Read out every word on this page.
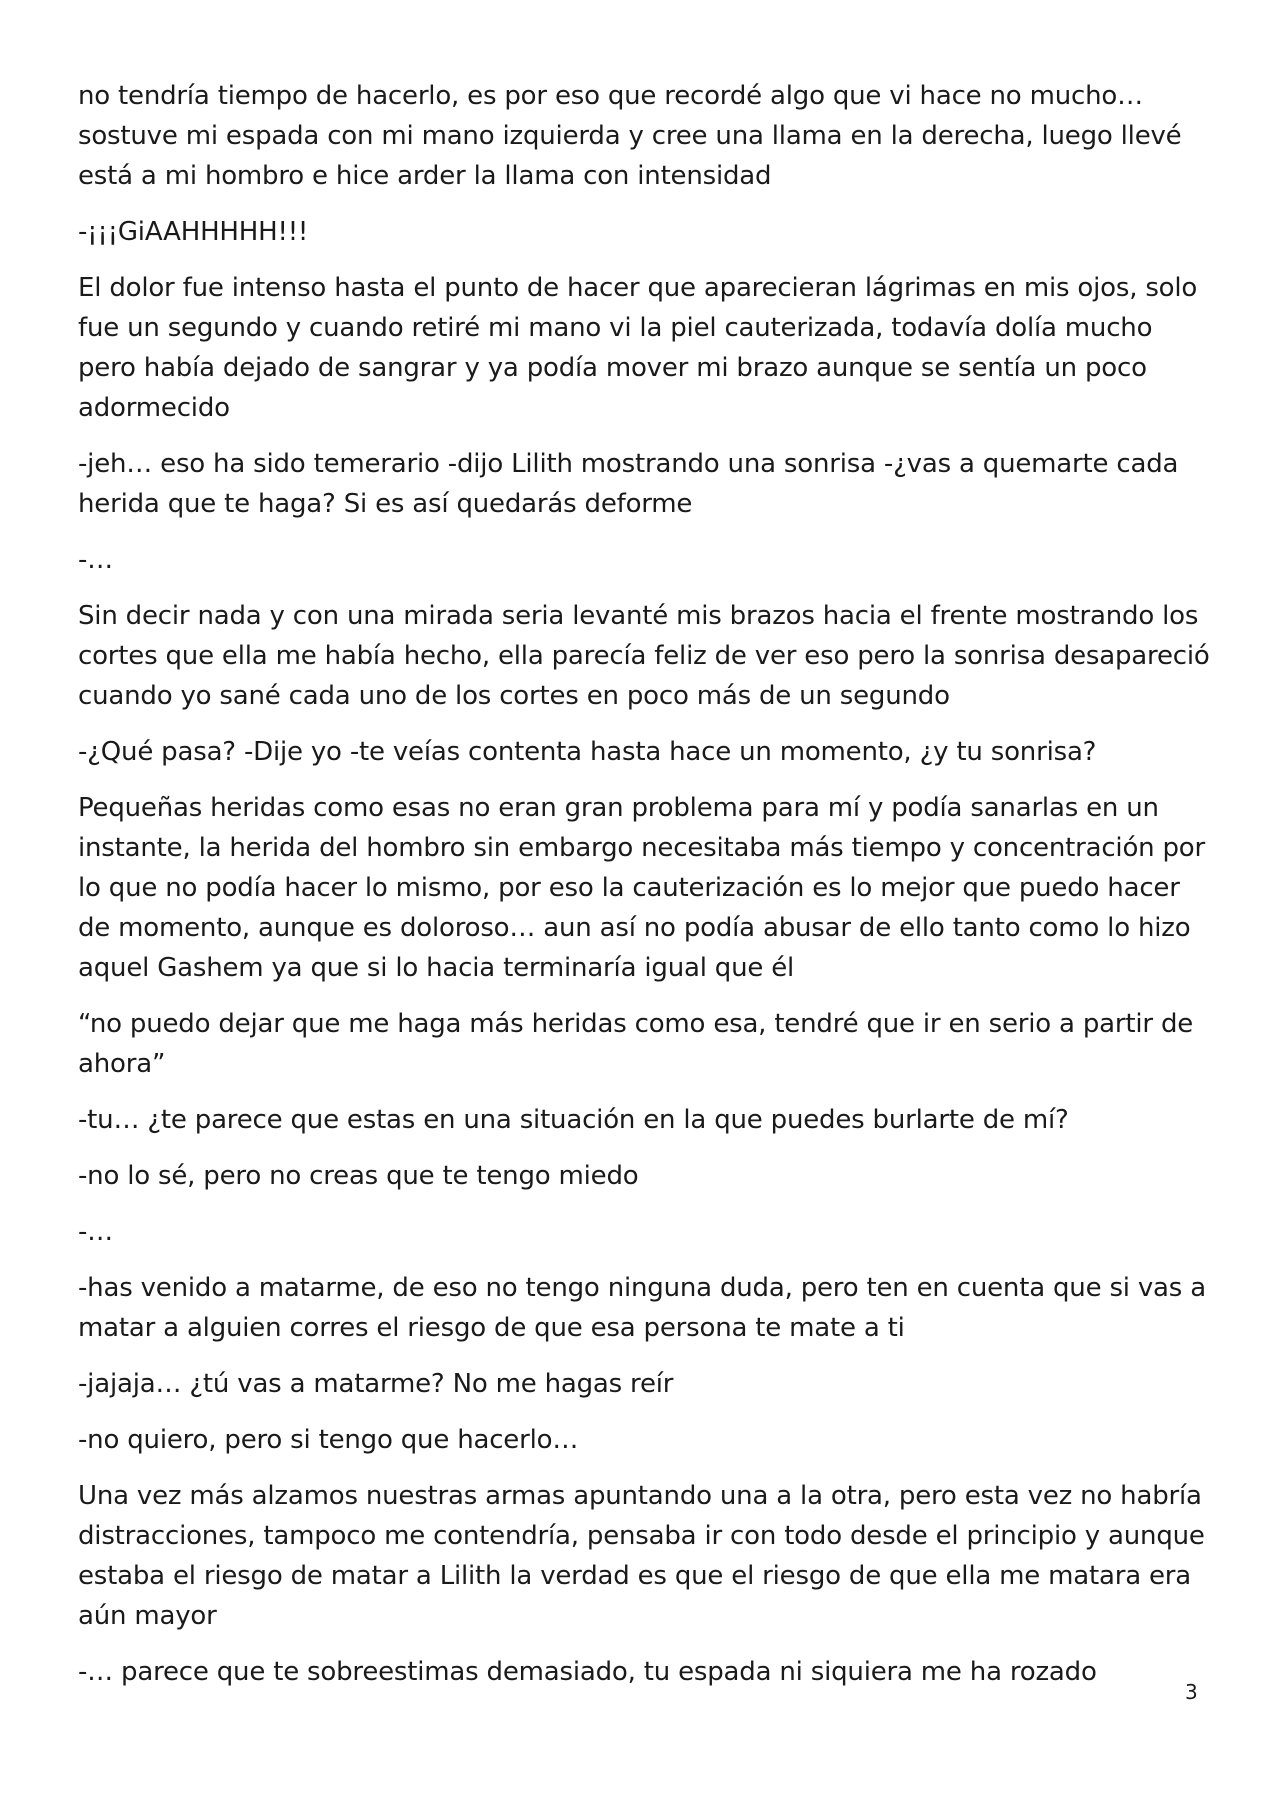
no tendría tiempo de hacerlo, es por eso que recordé algo que vi hace no mucho… sostuve mi espada con mi mano izquierda y cree una llama en la derecha, luego llevé está a mi hombro e hice arder la llama con intensidad

-¡¡¡GiAAHHHHH!!!

El dolor fue intenso hasta el punto de hacer que aparecieran lágrimas en mis ojos, solo fue un segundo y cuando retiré mi mano vi la piel cauterizada, todavía dolía mucho pero había dejado de sangrar y ya podía mover mi brazo aunque se sentía un poco adormecido

-jeh… eso ha sido temerario -dijo Lilith mostrando una sonrisa -¿vas a quemarte cada herida que te haga? Si es así quedarás deforme

-…

Sin decir nada y con una mirada seria levanté mis brazos hacia el frente mostrando los cortes que ella me había hecho, ella parecía feliz de ver eso pero la sonrisa desapareció cuando yo sané cada uno de los cortes en poco más de un segundo

-¿Qué pasa? -Dije yo -te veías contenta hasta hace un momento, ¿y tu sonrisa?

Pequeñas heridas como esas no eran gran problema para mí y podía sanarlas en un instante, la herida del hombro sin embargo necesitaba más tiempo y concentración por lo que no podía hacer lo mismo, por eso la cauterización es lo mejor que puedo hacer de momento, aunque es doloroso… aun así no podía abusar de ello tanto como lo hizo aquel Gashem ya que si lo hacia terminaría igual que él

“no puedo dejar que me haga más heridas como esa, tendré que ir en serio a partir de ahora”

-tu… ¿te parece que estas en una situación en la que puedes burlarte de mí?

-no lo sé, pero no creas que te tengo miedo

-…

-has venido a matarme, de eso no tengo ninguna duda, pero ten en cuenta que si vas a matar a alguien corres el riesgo de que esa persona te mate a ti

-jajaja… ¿tú vas a matarme? No me hagas reír

-no quiero, pero si tengo que hacerlo…

Una vez más alzamos nuestras armas apuntando una a la otra, pero esta vez no habría distracciones, tampoco me contendría, pensaba ir con todo desde el principio y aunque estaba el riesgo de matar a Lilith la verdad es que el riesgo de que ella me matara era aún mayor

-… parece que te sobreestimas demasiado, tu espada ni siquiera me ha rozado

3
